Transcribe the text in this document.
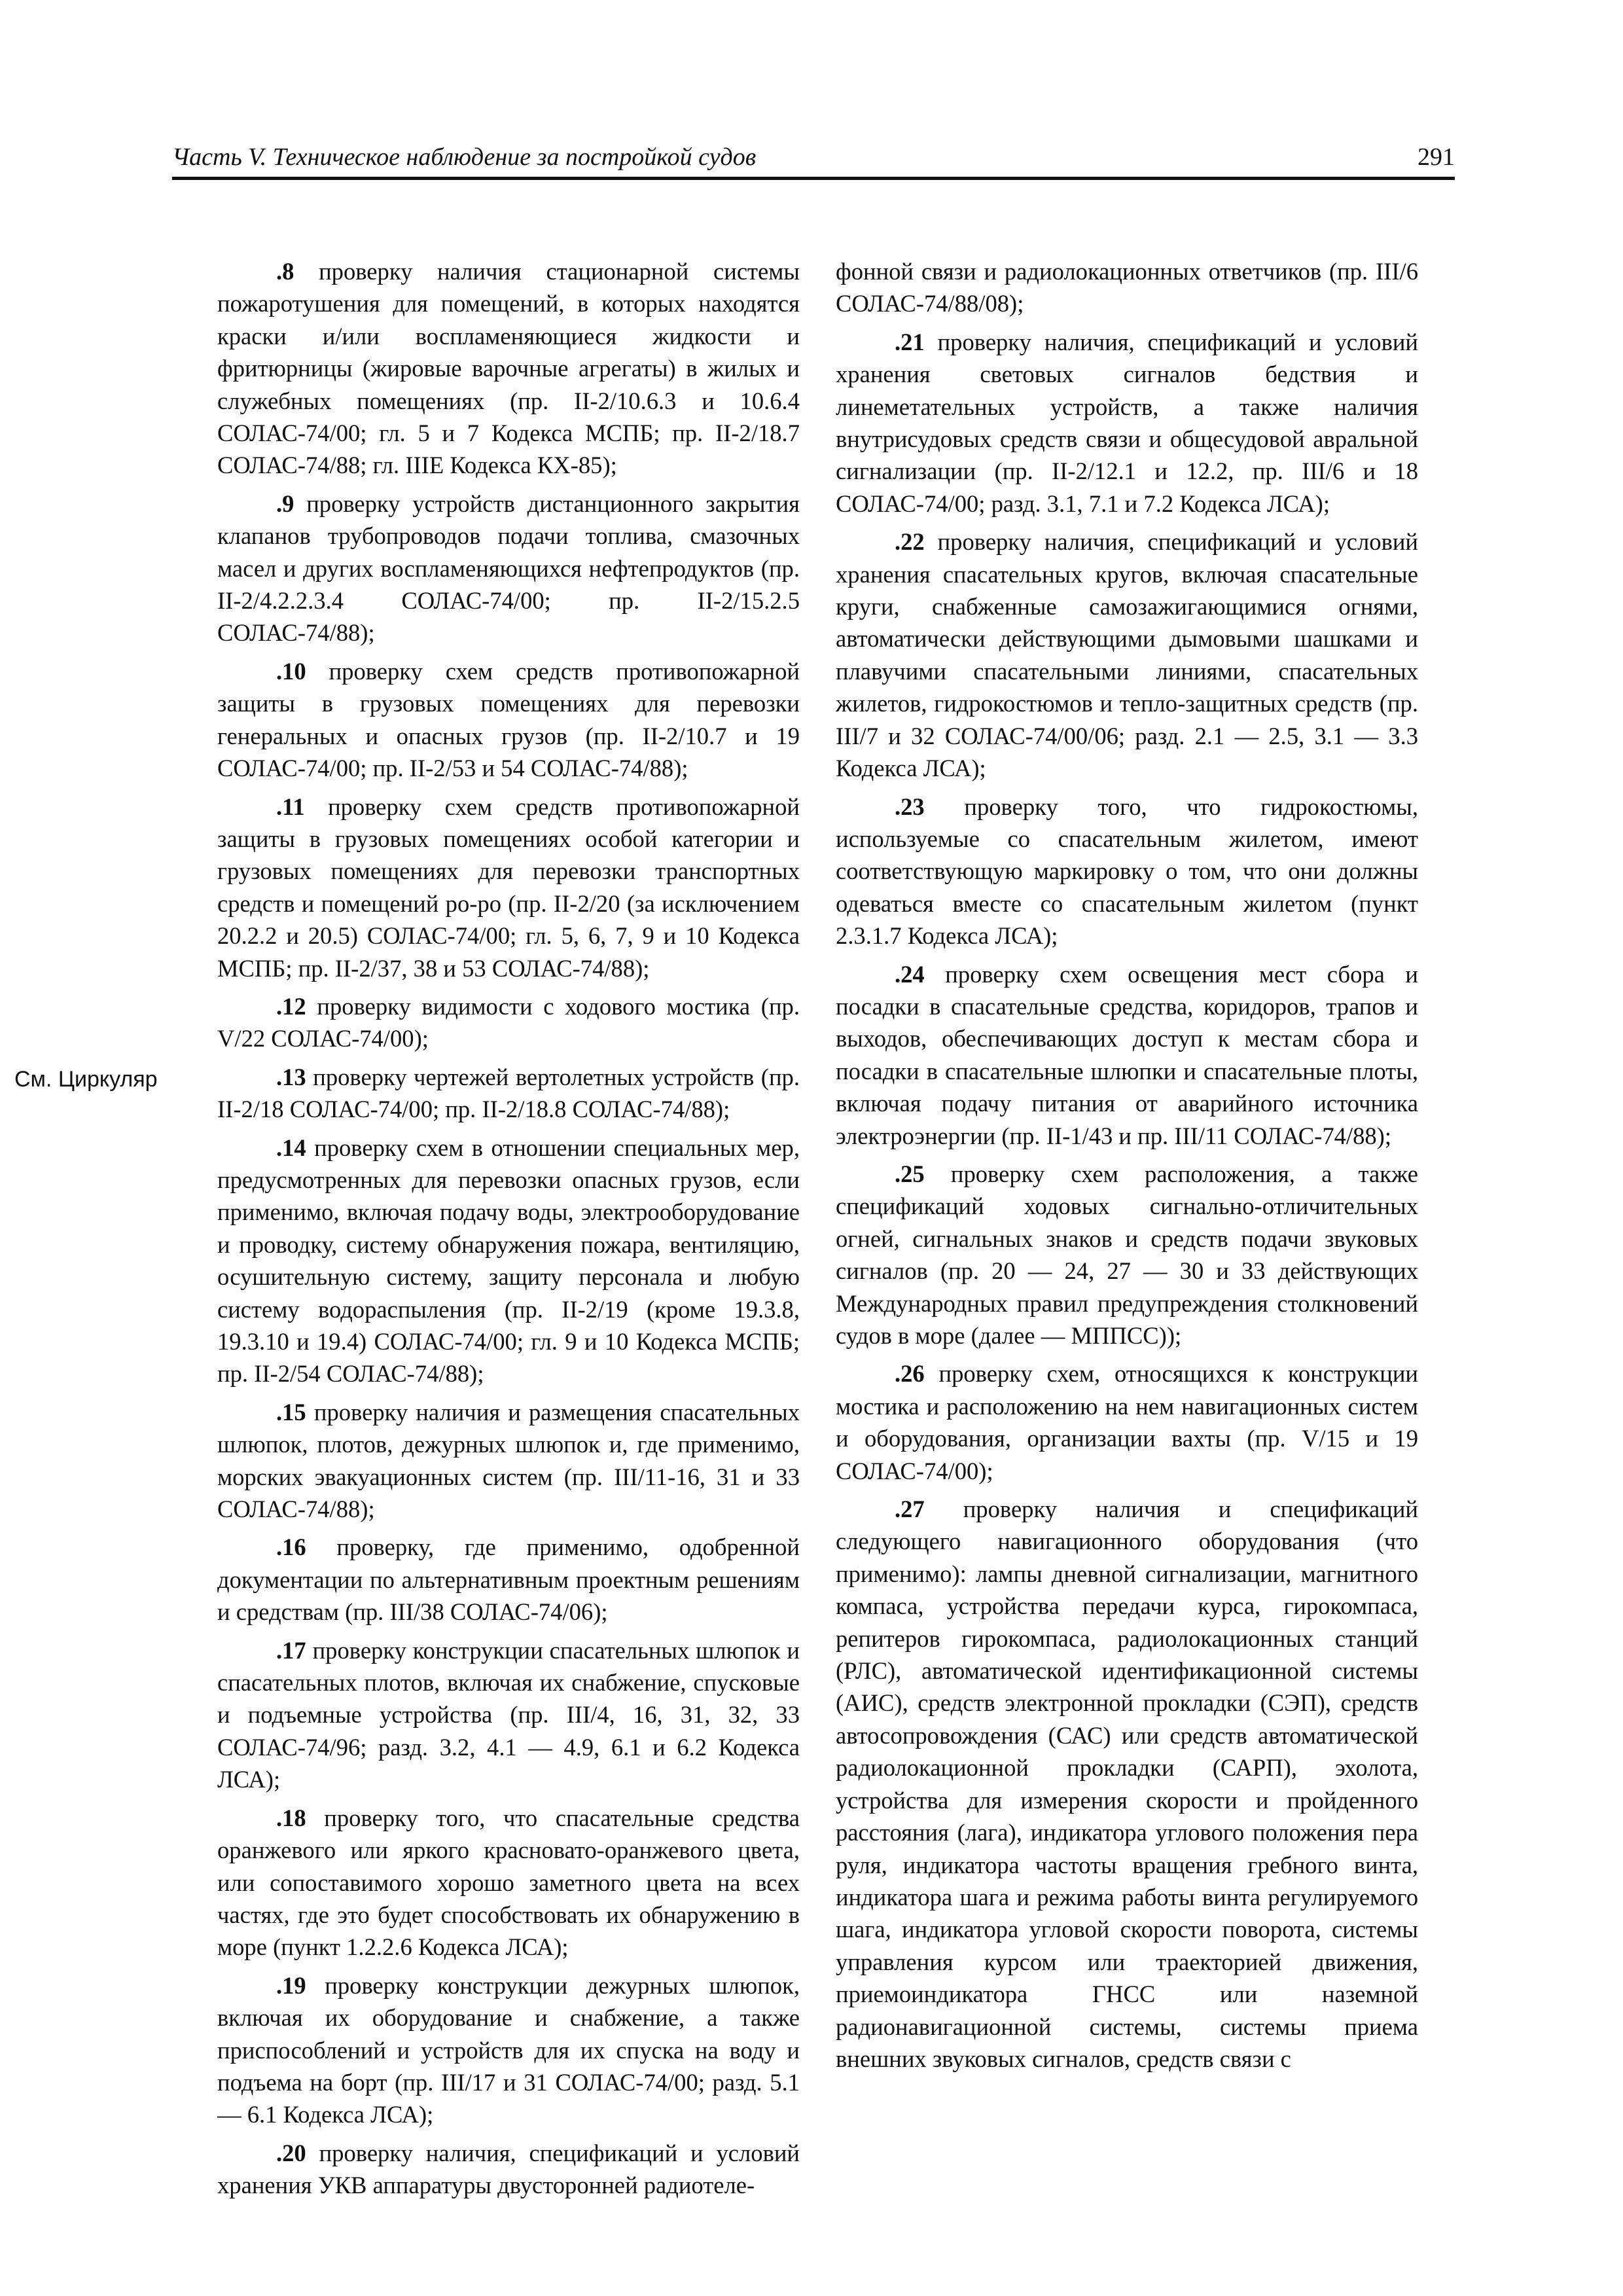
Часть V. Техническое наблюдение за постройкой судов	291
См. Циркуляр

.8 проверку наличия стационарной системы пожаротушения для помещений, в которых находятся краски и/или воспламеняющиеся жидкости и фритюрницы (жировые варочные агрегаты) в жилых и служебных помещениях (пр. II-2/10.6.3 и 10.6.4 СОЛАС-74/00; гл. 5 и 7 Кодекса МСПБ; пр. II-2/18.7 СОЛАС-74/88; гл. IIIE Кодекса КХ-85);

.9 проверку устройств дистанционного закрытия клапанов трубопроводов подачи топлива, смазочных масел и других воспламеняющихся нефтепродуктов (пр. II-2/4.2.2.3.4 СОЛАС-74/00; пр. II-2/15.2.5 СОЛАС-74/88);

.10 проверку схем средств противопожарной защиты в грузовых помещениях для перевозки генеральных и опасных грузов (пр. II-2/10.7 и 19 СОЛАС-74/00; пр. II-2/53 и 54 СОЛАС-74/88);

.11 проверку схем средств противопожарной защиты в грузовых помещениях особой категории и грузовых помещениях для перевозки транспортных средств и помещений ро-ро (пр. II-2/20 (за исключением 20.2.2 и 20.5) СОЛАС-74/00; гл. 5, 6, 7, 9 и 10 Кодекса МСПБ; пр. II-2/37, 38 и 53 СОЛАС-74/88);

.12 проверку видимости с ходового мостика (пр. V/22 СОЛАС-74/00);

.13 проверку чертежей вертолетных устройств (пр. II-2/18 СОЛАС-74/00; пр. II-2/18.8 СОЛАС-74/88);

.14 проверку схем в отношении специальных мер, предусмотренных для перевозки опасных грузов, если применимо, включая подачу воды, электрооборудование и проводку, систему обнаружения пожара, вентиляцию, осушительную систему, защиту персонала и любую систему водораспыления (пр. II-2/19 (кроме 19.3.8, 19.3.10 и 19.4) СОЛАС-74/00; гл. 9 и 10 Кодекса МСПБ; пр. II-2/54 СОЛАС-74/88);

.15 проверку наличия и размещения спасательных шлюпок, плотов, дежурных шлюпок и, где применимо, морских эвакуационных систем (пр. III/11-16, 31 и 33 СОЛАС-74/88);

.16 проверку, где применимо, одобренной документации по альтернативным проектным решениям и средствам (пр. III/38 СОЛАС-74/06);

.17 проверку конструкции спасательных шлюпок и спасательных плотов, включая их снабжение, спусковые и подъемные устройства (пр. III/4, 16, 31, 32, 33 СОЛАС-74/96; разд. 3.2, 4.1 — 4.9, 6.1 и 6.2 Кодекса ЛСА);

.18 проверку того, что спасательные средства оранжевого или яркого красновато-оранжевого цвета, или сопоставимого хорошо заметного цвета на всех частях, где это будет способствовать их обнаружению в море (пункт 1.2.2.6 Кодекса ЛСА);

.19 проверку конструкции дежурных шлюпок, включая их оборудование и снабжение, а также приспособлений и устройств для их спуска на воду и подъема на борт (пр. III/17 и 31 СОЛАС-74/00; разд. 5.1 — 6.1 Кодекса ЛСА);

.20 проверку наличия, спецификаций и условий хранения УКВ аппаратуры двусторонней радиотеле-

фонной связи и радиолокационных ответчиков (пр. III/6 СОЛАС-74/88/08);

.21 проверку наличия, спецификаций и условий хранения световых сигналов бедствия и линеметательных устройств, а также наличия внутрисудовых средств связи и общесудовой авральной сигнализации (пр. II-2/12.1 и 12.2, пр. III/6 и 18 СОЛАС-74/00; разд. 3.1, 7.1 и 7.2 Кодекса ЛСА);

.22 проверку наличия, спецификаций и условий хранения спасательных кругов, включая спасательные круги, снабженные самозажигающимися огнями, автоматически действующими дымовыми шашками и плавучими спасательными линиями, спасательных жилетов, гидрокостюмов и тепло-защитных средств (пр. III/7 и 32 СОЛАС-74/00/06; разд. 2.1 — 2.5, 3.1 — 3.3 Кодекса ЛСА);

.23 проверку того, что гидрокостюмы, используемые со спасательным жилетом, имеют соответствующую маркировку о том, что они должны одеваться вместе со спасательным жилетом (пункт 2.3.1.7 Кодекса ЛСА);

.24 проверку схем освещения мест сбора и посадки в спасательные средства, коридоров, трапов и выходов, обеспечивающих доступ к местам сбора и посадки в спасательные шлюпки и спасательные плоты, включая подачу питания от аварийного источника электроэнергии (пр. II-1/43 и пр. III/11 СОЛАС-74/88);

.25 проверку схем расположения, а также спецификаций ходовых сигнально-отличительных огней, сигнальных знаков и средств подачи звуковых сигналов (пр. 20 — 24, 27 — 30 и 33 действующих Международных правил предупреждения столкновений судов в море (далее — МППСС));

.26 проверку схем, относящихся к конструкции мостика и расположению на нем навигационных систем и оборудования, организации вахты (пр. V/15 и 19 СОЛАС-74/00);

.27 проверку наличия и спецификаций следующего навигационного оборудования (что применимо): лампы дневной сигнализации, магнитного компаса, устройства передачи курса, гирокомпаса, репитеров гирокомпаса, радиолокационных станций (РЛС), автоматической идентификационной системы (АИС), средств электронной прокладки (СЭП), средств автосопровождения (САС) или средств автоматической радиолокационной прокладки (САРП), эхолота, устройства для измерения скорости и пройденного расстояния (лага), индикатора углового положения пера руля, индикатора частоты вращения гребного винта, индикатора шага и режима работы винта регулируемого шага, индикатора угловой скорости поворота, системы управления курсом или траекторией движения, приемоиндикатора ГНСС или наземной радионавигационной системы, системы приема внешних звуковых сигналов, средств связи с
